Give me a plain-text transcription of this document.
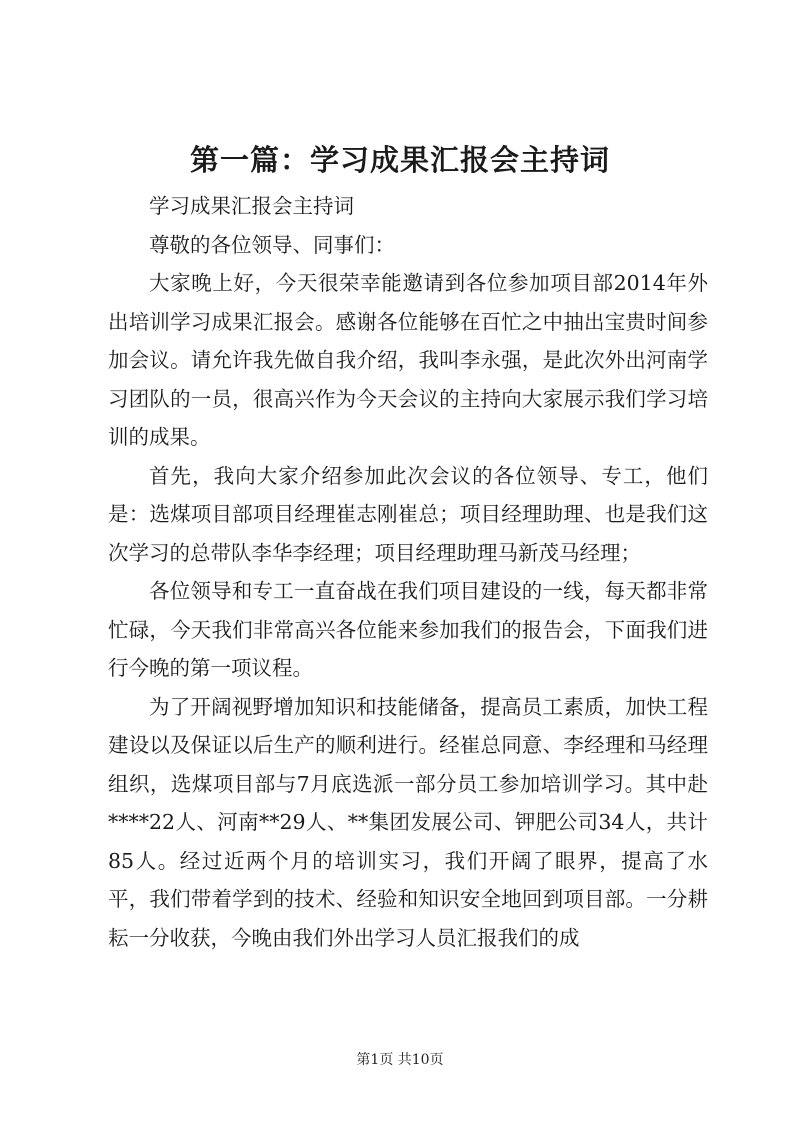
第一篇：学习成果汇报会主持词

学习成果汇报会主持词

尊敬的各位领导、同事们：

大家晚上好，今天很荣幸能邀请到各位参加项目部2014年外出培训学习成果汇报会。感谢各位能够在百忙之中抽出宝贵时间参加会议。请允许我先做自我介绍，我叫李永强，是此次外出河南学习团队的一员，很高兴作为今天会议的主持向大家展示我们学习培训的成果。

首先，我向大家介绍参加此次会议的各位领导、专工，他们是：选煤项目部项目经理崔志刚崔总；项目经理助理、也是我们这次学习的总带队李华李经理；项目经理助理马新茂马经理；

各位领导和专工一直奋战在我们项目建设的一线，每天都非常忙碌，今天我们非常高兴各位能来参加我们的报告会，下面我们进行今晚的第一项议程。

为了开阔视野增加知识和技能储备，提高员工素质，加快工程建设以及保证以后生产的顺利进行。经崔总同意、李经理和马经理组织，选煤项目部与7月底选派一部分员工参加培训学习。其中赴****22人、河南**29人、**集团发展公司、钾肥公司34人，共计85人。经过近两个月的培训实习，我们开阔了眼界，提高了水平，我们带着学到的技术、经验和知识安全地回到项目部。一分耕耘一分收获，今晚由我们外出学习人员汇报我们的成

第1页 共10页
